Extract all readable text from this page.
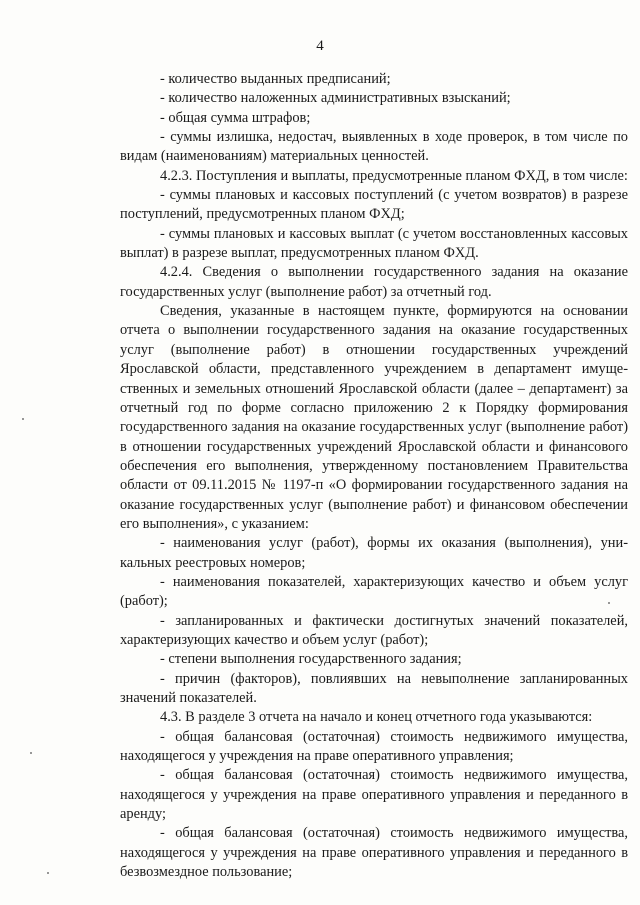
4

- количество выданных предписаний;

- количество наложенных административных взысканий;

- общая сумма штрафов;

- суммы излишка, недостач, выявленных в ходе проверок, в том числе по видам (наименованиям) материальных ценностей.

4.2.3. Поступления и выплаты, предусмотренные планом ФХД, в том числе:

- суммы плановых и кассовых поступлений (с учетом возвратов) в разрезе поступлений, предусмотренных планом ФХД;

- суммы плановых и кассовых выплат (с учетом восстановленных кассовых выплат) в разрезе выплат, предусмотренных планом ФХД.

4.2.4. Сведения о выполнении государственного задания на оказание государственных услуг (выполнение работ) за отчетный год.

Сведения, указанные в настоящем пункте, формируются на основании отчета о выполнении государственного задания на оказание государственных услуг (выполнение работ) в отношении государственных учреждений Ярославской области, представленного учреждением в департамент имущественных и земельных отношений Ярославской области (далее – департамент) за отчетный год по форме согласно приложению 2 к Порядку формирования государственного задания на оказание государственных услуг (выполнение работ) в отношении государственных учреждений Ярославской области и финансового обеспечения его выполнения, утвержденному постановлением Правительства области от 09.11.2015 № 1197-п «О формировании государственного задания на оказание государственных услуг (выполнение работ) и финансовом обеспечении его выполнения», с указанием:

- наименования услуг (работ), формы их оказания (выполнения), уникальных реестровых номеров;

- наименования показателей, характеризующих качество и объем услуг (работ);

- запланированных и фактически достигнутых значений показателей, характеризующих качество и объем услуг (работ);

- степени выполнения государственного задания;

- причин (факторов), повлиявших на невыполнение запланированных значений показателей.

4.3. В разделе 3 отчета на начало и конец отчетного года указываются:

- общая балансовая (остаточная) стоимость недвижимого имущества, находящегося у учреждения на праве оперативного управления;

- общая балансовая (остаточная) стоимость недвижимого имущества, находящегося у учреждения на праве оперативного управления и переданного в аренду;

- общая балансовая (остаточная) стоимость недвижимого имущества, находящегося у учреждения на праве оперативного управления и переданного в безвозмездное пользование;
